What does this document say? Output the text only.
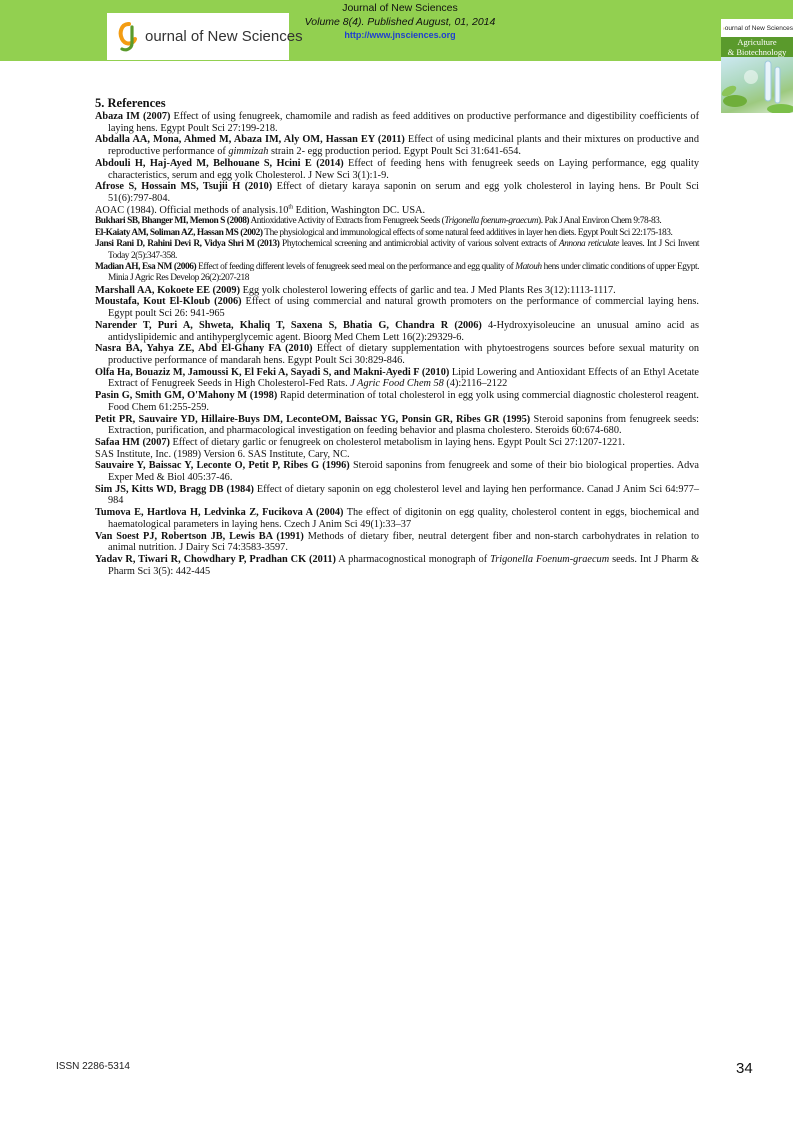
ournal of New Sciences
Journal of New Sciences
Volume 8(4). Published August, 01, 2014
http://www.jnsciences.org
ournal of New Sciences
Agriculture
& Biotechnology
5. References

Abaza IM (2007) Effect of using fenugreek, chamomile and radish as feed additives on productive performance and digestibility coefficients of laying hens. Egypt Poult Sci 27:199-218.

Abdalla AA, Mona, Ahmed M, Abaza IM, Aly OM, Hassan EY (2011) Effect of using medicinal plants and their mixtures on productive and reproductive performance of gimmizah strain 2- egg production period. Egypt Poult Sci 31:641-654.

Abdouli H, Haj-Ayed M, Belhouane S, Hcini E (2014) Effect of feeding hens with fenugreek seeds on Laying performance, egg quality characteristics, serum and egg yolk Cholesterol. J New Sci 3(1):1-9.

Afrose S, Hossain MS, Tsujii H (2010) Effect of dietary karaya saponin on serum and egg yolk cholesterol in laying hens. Br Poult Sci 51(6):797-804.

AOAC (1984). Official methods of analysis.10th Edition, Washington DC. USA.

Bukhari SB, Bhanger MI, Memon S (2008) Antioxidative Activity of Extracts from Fenugreek Seeds (Trigonella foenum-graecum). Pak J Anal Environ Chem 9:78-83.

El-Kaiaty AM, Soliman AZ, Hassan MS (2002) The physiological and immunological effects of some natural feed additives in layer hen diets. Egypt Poult Sci 22:175-183.

Jansi Rani D, Rahini Devi R, Vidya Shri M (2013) Phytochemical screening and antimicrobial activity of various solvent extracts of Annona reticulate leaves. Int J Sci Invent Today 2(5):347-358.

Madian AH, Esa NM (2006) Effect of feeding different levels of fenugreek seed meal on the performance and egg quality of Matouh hens under climatic conditions of upper Egypt. Minia J Agric Res Develop 26(2):207-218

Marshall AA, Kokoete EE (2009) Egg yolk cholesterol lowering effects of garlic and tea. J Med Plants Res 3(12):1113-1117.

Moustafa, Kout El-Kloub (2006) Effect of using commercial and natural growth promoters on the performance of commercial laying hens. Egypt poult Sci 26: 941-965

Narender T, Puri A, Shweta, Khaliq T, Saxena S, Bhatia G, Chandra R (2006) 4-Hydroxyisoleucine an unusual amino acid as antidyslipidemic and antihyperglycemic agent. Bioorg Med Chem Lett 16(2):29329-6.

Nasra BA, Yahya ZE, Abd El-Ghany FA (2010) Effect of dietary supplementation with phytoestrogens sources before sexual maturity on productive performance of mandarah hens. Egypt Poult Sci 30:829-846.

Olfa Ha, Bouaziz M, Jamoussi K, El Feki A, Sayadi S, and Makni-Ayedi F (2010) Lipid Lowering and Antioxidant Effects of an Ethyl Acetate Extract of Fenugreek Seeds in High Cholesterol-Fed Rats. J Agric Food Chem 58 (4):2116–2122

Pasin G, Smith GM, O'Mahony M (1998) Rapid determination of total cholesterol in egg yolk using commercial diagnostic cholesterol reagent. Food Chem 61:255-259.

Petit PR, Sauvaire YD, Hillaire-Buys DM, LeconteOM, Baissac YG, Ponsin GR, Ribes GR (1995) Steroid saponins from fenugreek seeds: Extraction, purification, and pharmacological investigation on feeding behavior and plasma cholestero. Steroids 60:674-680.

Safaa HM (2007) Effect of dietary garlic or fenugreek on cholesterol metabolism in laying hens. Egypt Poult Sci 27:1207-1221.

SAS Institute, Inc. (1989) Version 6. SAS Institute, Cary, NC.

Sauvaire Y, Baissac Y, Leconte O, Petit P, Ribes G (1996) Steroid saponins from fenugreek and some of their bio biological properties. Adva Exper Med & Biol 405:37-46.

Sim JS, Kitts WD, Bragg DB (1984) Effect of dietary saponin on egg cholesterol level and laying hen performance. Canad J Anim Sci 64:977–984

Tumova E, Hartlova H, Ledvinka Z, Fucikova A (2004) The effect of digitonin on egg quality, cholesterol content in eggs, biochemical and haematological parameters in laying hens. Czech J Anim Sci 49(1):33–37

Van Soest PJ, Robertson JB, Lewis BA (1991) Methods of dietary fiber, neutral detergent fiber and non-starch carbohydrates in relation to animal nutrition. J Dairy Sci 74:3583-3597.

Yadav R, Tiwari R, Chowdhary P, Pradhan CK (2011) A pharmacognostical monograph of Trigonella Foenum-graecum seeds. Int J Pharm & Pharm Sci 3(5): 442-445

ISSN 2286-5314	34
